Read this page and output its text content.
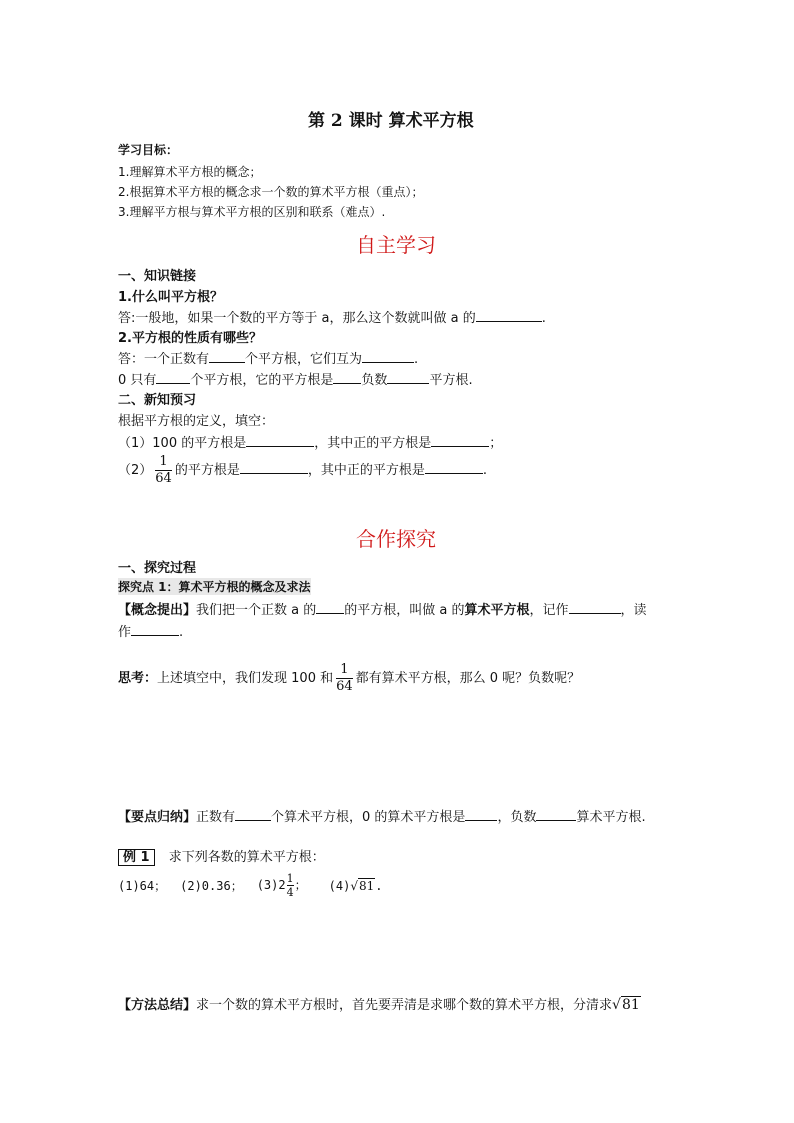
第 2 课时 算术平方根
学习目标：
1.理解算术平方根的概念；
2.根据算术平方根的概念求一个数的算术平方根（重点）；
3.理解平方根与算术平方根的区别和联系（难点）.
自主学习
一、知识链接
1.什么叫平方根？
答:一般地，如果一个数的平方等于 a，那么这个数就叫做 a 的	.
2.平方根的性质有哪些？
答：一个正数有	个平方根，它们互为	.
0 只有	个平方根，它的平方根是 负数	平方根.
二、新知预习
根据平方根的定义，填空：
（1）100 的平方根是	，其中正的平方根是	；
$(2) \frac{1}{64}$ 的平方根是	，其中正的平方根是	.
合作探究
一、探究过程
探究点 1：算术平方根的概念及求法
【概念提出】我们把一个正数 a 的 的平方根，叫做 a 的算术平方根，记作	，读
作	.
思考：上述填空中，我们发现 100 和 $\frac{1}{64}$ 都有算术平方根，那么 0 呢？负数呢？
【要点归纳】正数有	个算术平方根，0 的算术平方根是 ，负数	算术平方根.
例 1 求下列各数的算术平方根：
(1)64； (2)0.36； $(3)2 \frac{1}{4}$ ； (4)√81.
【方法总结】求一个数的算术平方根时，首先要弄清是求哪个数的算术平方根，分清求√81
